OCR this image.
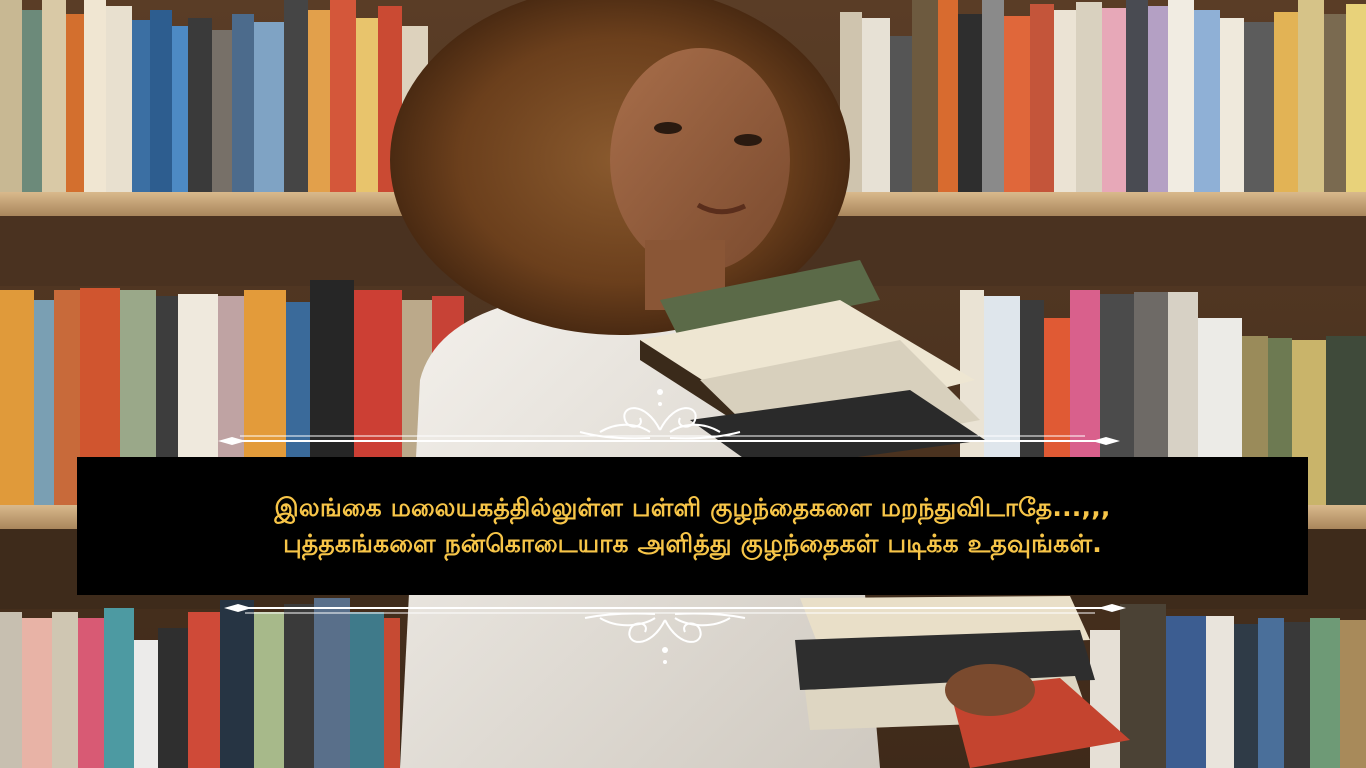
இலங்கை மலையகத்தில்லுள்ள பள்ளி குழந்தைகளை மறந்துவிடாதே...,,,
புத்தகங்களை நன்கொடையாக அளித்து குழந்தைகள் படிக்க உதவுங்கள்.
